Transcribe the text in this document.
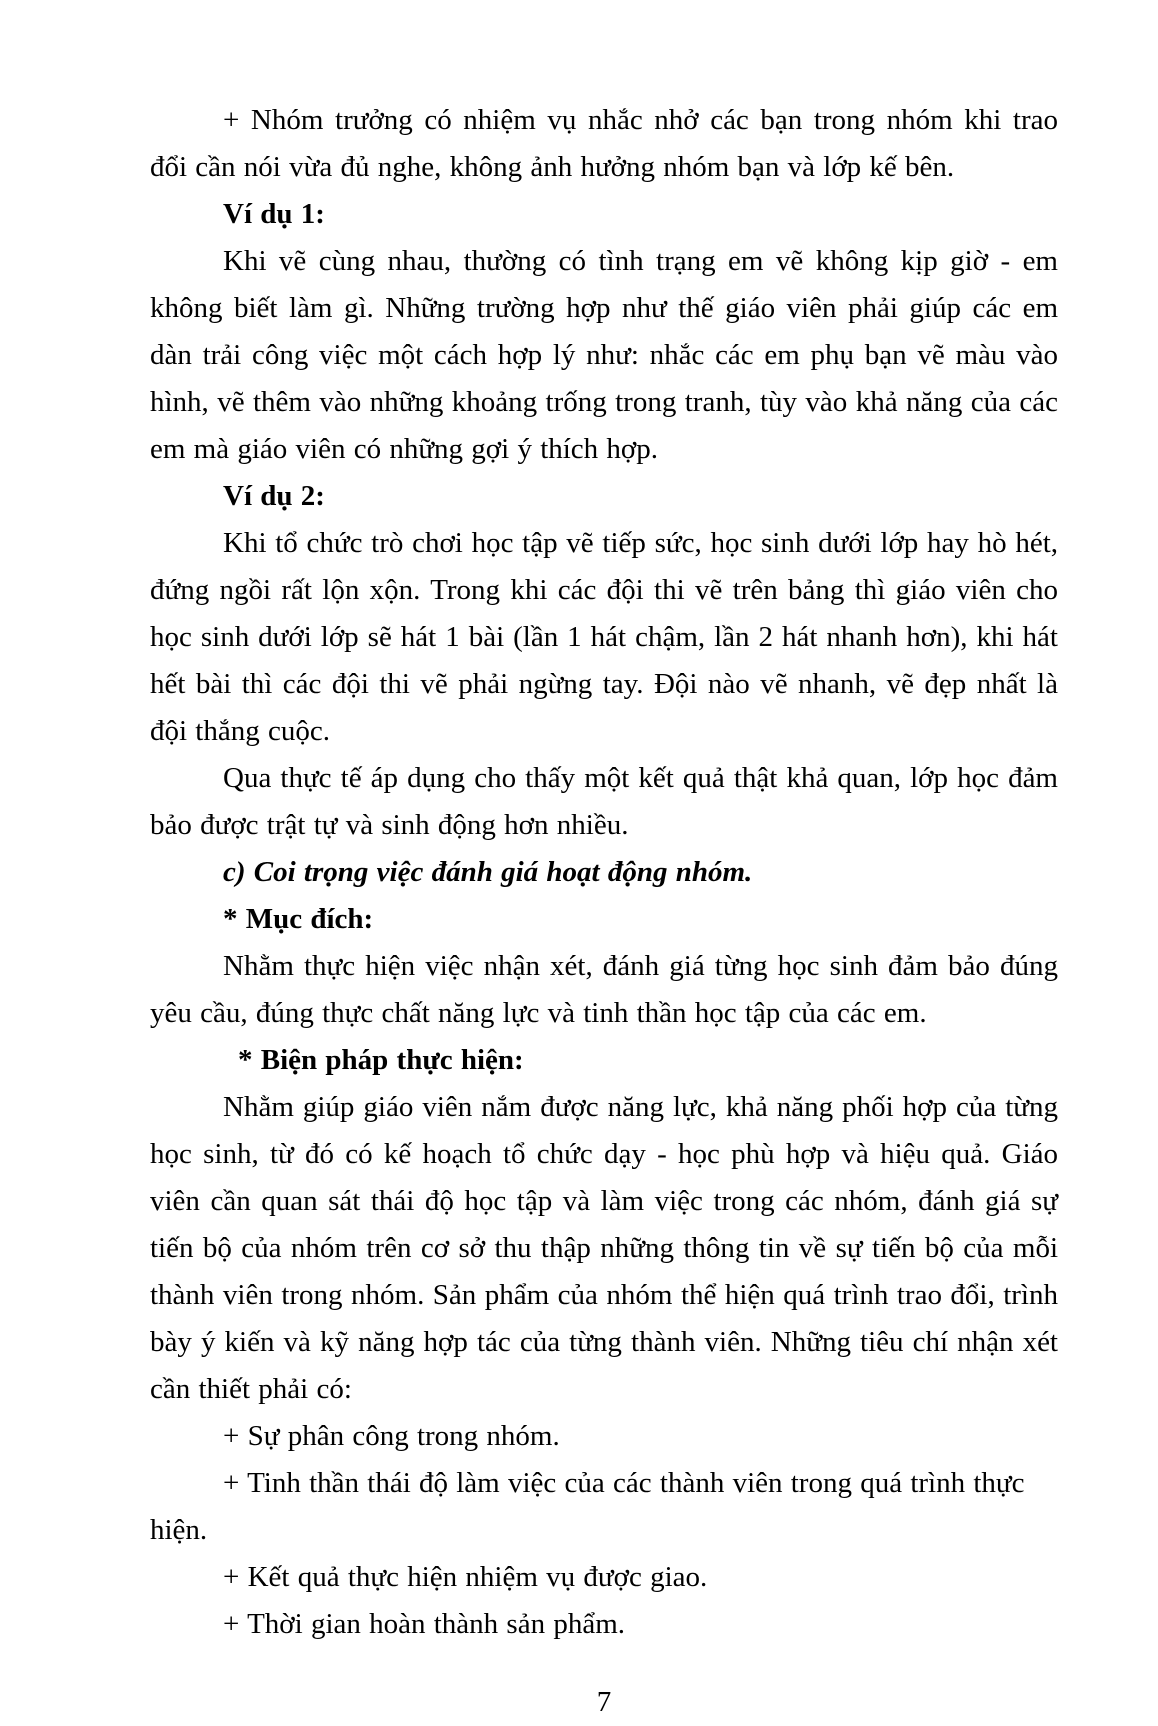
+ Nhóm trưởng có nhiệm vụ nhắc nhở các bạn trong nhóm khi trao đổi cần nói vừa đủ nghe, không ảnh hưởng nhóm bạn và lớp kế bên.

Ví dụ 1:

Khi vẽ cùng nhau, thường có tình trạng em vẽ không kịp giờ - em không biết làm gì. Những trường hợp như thế giáo viên phải giúp các em dàn trải công việc một cách hợp lý như: nhắc các em phụ bạn vẽ màu vào hình, vẽ thêm vào những khoảng trống trong tranh, tùy vào khả năng của các em mà giáo viên có những gợi ý thích hợp.

Ví dụ 2:

Khi tổ chức trò chơi học tập vẽ tiếp sức, học sinh dưới lớp hay hò hét, đứng ngồi rất lộn xộn. Trong khi các đội thi vẽ trên bảng thì giáo viên cho học sinh dưới lớp sẽ hát 1 bài (lần 1 hát chậm, lần 2 hát nhanh hơn), khi hát hết bài thì các đội thi vẽ phải ngừng tay. Đội nào vẽ nhanh, vẽ đẹp nhất là đội thắng cuộc.

Qua thực tế áp dụng cho thấy một kết quả thật khả quan, lớp học đảm bảo được trật tự và sinh động hơn nhiều.

c) Coi trọng việc đánh giá hoạt động nhóm.

* Mục đích:

Nhằm thực hiện việc nhận xét, đánh giá từng học sinh đảm bảo đúng yêu cầu, đúng thực chất năng lực và tinh thần học tập của các em.

* Biện pháp thực hiện:

Nhằm giúp giáo viên nắm được năng lực, khả năng phối hợp của từng học sinh, từ đó có kế hoạch tổ chức dạy - học phù hợp và hiệu quả. Giáo viên cần quan sát thái độ học tập và làm việc trong các nhóm, đánh giá sự tiến bộ của nhóm trên cơ sở thu thập những thông tin về sự tiến bộ của mỗi thành viên trong nhóm. Sản phẩm của nhóm thể hiện quá trình trao đổi, trình bày ý kiến và kỹ năng hợp tác của từng thành viên. Những tiêu chí nhận xét cần thiết phải có:

+ Sự phân công trong nhóm.

+ Tinh thần thái độ làm việc của các thành viên trong quá trình thực hiện.

+ Kết quả thực hiện nhiệm vụ được giao.

+ Thời gian hoàn thành sản phẩm.

7
